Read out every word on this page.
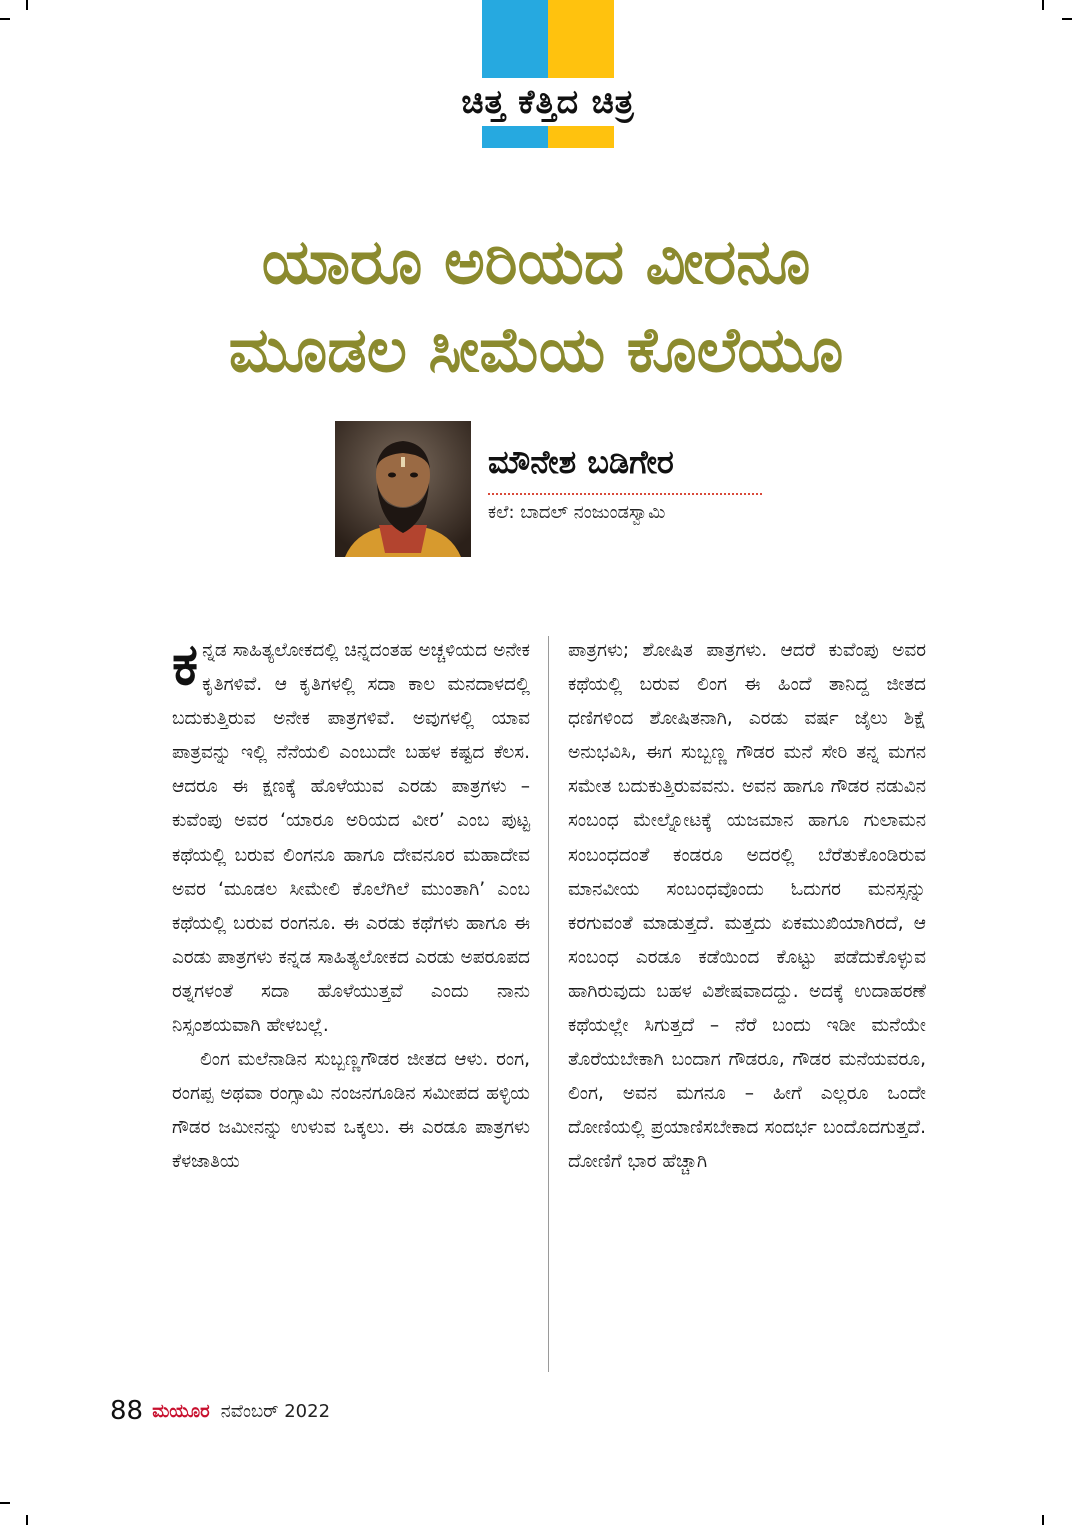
ಚಿತ್ತ ಕೆತ್ತಿದ ಚಿತ್ರ
ಯಾರೂ ಅರಿಯದ ವೀರನೂ
ಮೂಡಲ ಸೀಮೆಯ ಕೊಲೆಯೂ
ಮೌನೇಶ ಬಡಿಗೇರ
ಕಲೆ: ಬಾದಲ್ ನಂಜುಂಡಸ್ವಾಮಿ

ಕನ್ನಡ ಸಾಹಿತ್ಯಲೋಕದಲ್ಲಿ ಚಿನ್ನದಂತಹ ಅಚ್ಚಳಿಯದ ಅನೇಕ ಕೃತಿಗಳಿವೆ. ಆ ಕೃತಿಗಳಲ್ಲಿ ಸದಾ ಕಾಲ ಮನದಾಳದಲ್ಲಿ ಬದುಕುತ್ತಿರುವ ಅನೇಕ ಪಾತ್ರಗಳಿವೆ. ಅವುಗಳಲ್ಲಿ ಯಾವ ಪಾತ್ರವನ್ನು ಇಲ್ಲಿ ನೆನೆಯಲಿ ಎಂಬುದೇ ಬಹಳ ಕಷ್ಟದ ಕೆಲಸ. ಆದರೂ ಈ ಕ್ಷಣಕ್ಕೆ ಹೊಳೆಯುವ ಎರಡು ಪಾತ್ರಗಳು – ಕುವೆಂಪು ಅವರ ‘ಯಾರೂ ಅರಿಯದ ವೀರ’ ಎಂಬ ಪುಟ್ಟ ಕಥೆಯಲ್ಲಿ ಬರುವ ಲಿಂಗನೂ ಹಾಗೂ ದೇವನೂರ ಮಹಾದೇವ ಅವರ ‘ಮೂಡಲ ಸೀಮೇಲಿ ಕೊಲೆಗಿಲೆ ಮುಂತಾಗಿ’ ಎಂಬ ಕಥೆಯಲ್ಲಿ ಬರುವ ರಂಗನೂ. ಈ ಎರಡು ಕಥೆಗಳು ಹಾಗೂ ಈ ಎರಡು ಪಾತ್ರಗಳು ಕನ್ನಡ ಸಾಹಿತ್ಯಲೋಕದ ಎರಡು ಅಪರೂಪದ ರತ್ನಗಳಂತೆ ಸದಾ ಹೊಳೆಯುತ್ತವೆ ಎಂದು ನಾನು ನಿಸ್ಸಂಶಯವಾಗಿ ಹೇಳಬಲ್ಲೆ.

ಲಿಂಗ ಮಲೆನಾಡಿನ ಸುಬ್ಬಣ್ಣಗೌಡರ ಜೀತದ ಆಳು. ರಂಗ, ರಂಗಪ್ಪ ಅಥವಾ ರಂಗ್ಸಾಮಿ ನಂಜನಗೂಡಿನ ಸಮೀಪದ ಹಳ್ಳಿಯ ಗೌಡರ ಜಮೀನನ್ನು ಉಳುವ ಒಕ್ಕಲು. ಈ ಎರಡೂ ಪಾತ್ರಗಳು ಕೆಳಜಾತಿಯ

ಪಾತ್ರಗಳು; ಶೋಷಿತ ಪಾತ್ರಗಳು. ಆದರೆ ಕುವೆಂಪು ಅವರ ಕಥೆಯಲ್ಲಿ ಬರುವ ಲಿಂಗ ಈ ಹಿಂದೆ ತಾನಿದ್ದ ಜೀತದ ಧಣಿಗಳಿಂದ ಶೋಷಿತನಾಗಿ, ಎರಡು ವರ್ಷ ಜೈಲು ಶಿಕ್ಷೆ ಅನುಭವಿಸಿ, ಈಗ ಸುಬ್ಬಣ್ಣ ಗೌಡರ ಮನೆ ಸೇರಿ ತನ್ನ ಮಗನ ಸಮೇತ ಬದುಕುತ್ತಿರುವವನು. ಅವನ ಹಾಗೂ ಗೌಡರ ನಡುವಿನ ಸಂಬಂಧ ಮೇಲ್ನೋಟಕ್ಕೆ ಯಜಮಾನ ಹಾಗೂ ಗುಲಾಮನ ಸಂಬಂಧದಂತೆ ಕಂಡರೂ ಅದರಲ್ಲಿ ಬೆರೆತುಕೊಂಡಿರುವ ಮಾನವೀಯ ಸಂಬಂಧವೊಂದು ಓದುಗರ ಮನಸ್ಸನ್ನು ಕರಗುವಂತೆ ಮಾಡುತ್ತದೆ. ಮತ್ತದು ಏಕಮುಖಿಯಾಗಿರದೆ, ಆ ಸಂಬಂಧ ಎರಡೂ ಕಡೆಯಿಂದ ಕೊಟ್ಟು ಪಡೆದುಕೊಳ್ಳುವ ಹಾಗಿರುವುದು ಬಹಳ ವಿಶೇಷವಾದದ್ದು. ಅದಕ್ಕೆ ಉದಾಹರಣೆ ಕಥೆಯಲ್ಲೇ ಸಿಗುತ್ತದೆ – ನೆರೆ ಬಂದು ಇಡೀ ಮನೆಯೇ ತೊರೆಯಬೇಕಾಗಿ ಬಂದಾಗ ಗೌಡರೂ, ಗೌಡರ ಮನೆಯವರೂ, ಲಿಂಗ, ಅವನ ಮಗನೂ – ಹೀಗೆ ಎಲ್ಲರೂ ಒಂದೇ ದೋಣಿಯಲ್ಲಿ ಪ್ರಯಾಣಿಸಬೇಕಾದ ಸಂದರ್ಭ ಬಂದೊದಗುತ್ತದೆ. ದೋಣಿಗೆ ಭಾರ ಹೆಚ್ಚಾಗಿ

88 ಮಯೂರ ನವೆಂಬರ್ 2022
